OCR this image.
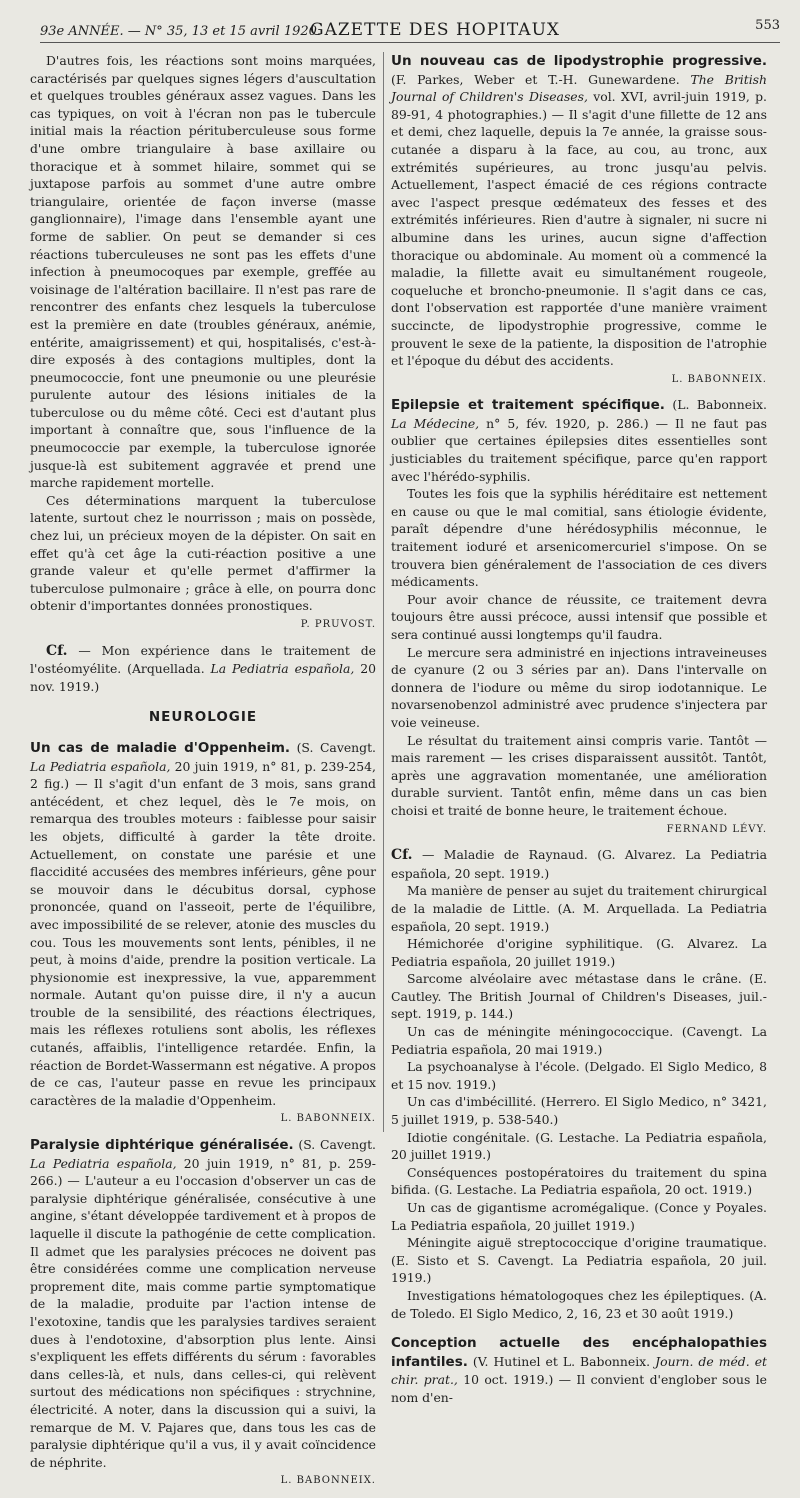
93e ANNÉE. — N° 35, 13 et 15 avril 1920.
GAZETTE DES HOPITAUX	553

D'autres fois, les réactions sont moins marquées, caractérisés par quelques signes légers d'auscultation et quelques troubles généraux assez vagues. Dans les cas typiques, on voit à l'écran non pas le tubercule initial mais la réaction pérituberculeuse sous forme d'une ombre triangulaire à base axillaire ou thoracique et à sommet hilaire, sommet qui se juxtapose parfois au sommet d'une autre ombre triangulaire, orientée de façon inverse (masse ganglionnaire), l'image dans l'ensemble ayant une forme de sablier. On peut se demander si ces réactions tuberculeuses ne sont pas les effets d'une infection à pneumocoques par exemple, greffée au voisinage de l'altération bacillaire. Il n'est pas rare de rencontrer des enfants chez lesquels la tuberculose est la première en date (troubles généraux, anémie, entérite, amaigrissement) et qui, hospitalisés, c'est-à-dire exposés à des contagions multiples, dont la pneumococcie, font une pneumonie ou une pleurésie purulente autour des lésions initiales de la tuberculose ou du même côté. Ceci est d'autant plus important à connaître que, sous l'influence de la pneumococcie par exemple, la tuberculose ignorée jusque-là est subitement aggravée et prend une marche rapidement mortelle.

Ces déterminations marquent la tuberculose latente, surtout chez le nourrisson ; mais on possède, chez lui, un précieux moyen de la dépister. On sait en effet qu'à cet âge la cuti-réaction positive a une grande valeur et qu'elle permet d'affirmer la tuberculose pulmonaire ; grâce à elle, on pourra donc obtenir d'importantes données pronostiques.

P. PRUVOST.

Cf. — Mon expérience dans le traitement de l'ostéomyélite. (Arquellada. La Pediatria española, 20 nov. 1919.)

NEUROLOGIE

Un cas de maladie d'Oppenheim. (S. Cavengt. La Pediatria española, 20 juin 1919, n° 81, p. 239-254, 2 fig.) — Il s'agit d'un enfant de 3 mois, sans grand antécédent, et chez lequel, dès le 7e mois, on remarqua des troubles moteurs : faiblesse pour saisir les objets, difficulté à garder la tête droite. Actuellement, on constate une parésie et une flaccidité accusées des membres inférieurs, gêne pour se mouvoir dans le décubitus dorsal, cyphose prononcée, quand on l'asseoit, perte de l'équilibre, avec impossibilité de se relever, atonie des muscles du cou. Tous les mouvements sont lents, pénibles, il ne peut, à moins d'aide, prendre la position verticale. La physionomie est inexpressive, la vue, apparemment normale. Autant qu'on puisse dire, il n'y a aucun trouble de la sensibilité, des réactions électriques, mais les réflexes rotuliens sont abolis, les réflexes cutanés, affaiblis, l'intelligence retardée. Enfin, la réaction de Bordet-Wassermann est négative. A propos de ce cas, l'auteur passe en revue les principaux caractères de la maladie d'Oppenheim.

L. BABONNEIX.

Paralysie diphtérique généralisée. (S. Cavengt. La Pediatria española, 20 juin 1919, n° 81, p. 259-266.) — L'auteur a eu l'occasion d'observer un cas de paralysie diphtérique généralisée, consécutive à une angine, s'étant développée tardivement et à propos de laquelle il discute la pathogénie de cette complication. Il admet que les paralysies précoces ne doivent pas être considérées comme une complication nerveuse proprement dite, mais comme partie symptomatique de la maladie, produite par l'action intense de l'exotoxine, tandis que les paralysies tardives seraient dues à l'endotoxine, d'absorption plus lente. Ainsi s'expliquent les effets différents du sérum : favorables dans celles-là, et nuls, dans celles-ci, qui relèvent surtout des médications non spécifiques : strychnine, électricité. A noter, dans la discussion qui a suivi, la remarque de M. V. Pajares que, dans tous les cas de paralysie diphtérique qu'il a vus, il y avait coïncidence de néphrite.

L. BABONNEIX.

Un nouveau cas de lipodystrophie progressive. (F. Parkes, Weber et T.-H. Gunewardene. The British Journal of Children's Diseases, vol. XVI, avril-juin 1919, p. 89-91, 4 photographies.) — Il s'agit d'une fillette de 12 ans et demi, chez laquelle, depuis la 7e année, la graisse sous-cutanée a disparu à la face, au cou, au tronc, aux extrémités supérieures, au tronc jusqu'au pelvis. Actuellement, l'aspect émacié de ces régions contracte avec l'aspect presque œdémateux des fesses et des extrémités inférieures. Rien d'autre à signaler, ni sucre ni albumine dans les urines, aucun signe d'affection thoracique ou abdominale. Au moment où a commencé la maladie, la fillette avait eu simultanément rougeole, coqueluche et broncho-pneumonie. Il s'agit dans ce cas, dont l'observation est rapportée d'une manière vraiment succincte, de lipodystrophie progressive, comme le prouvent le sexe de la patiente, la disposition de l'atrophie et l'époque du début des accidents.

L. BABONNEIX.

Epilepsie et traitement spécifique. (L. Babonneix. La Médecine, n° 5, fév. 1920, p. 286.) — Il ne faut pas oublier que certaines épilepsies dites essentielles sont justiciables du traitement spécifique, parce qu'en rapport avec l'hérédo-syphilis.

Toutes les fois que la syphilis héréditaire est nettement en cause ou que le mal comitial, sans étiologie évidente, paraît dépendre d'une hérédosyphilis méconnue, le traitement ioduré et arsenicomercuriel s'impose. On se trouvera bien généralement de l'association de ces divers médicaments.

Pour avoir chance de réussite, ce traitement devra toujours être aussi précoce, aussi intensif que possible et sera continué aussi longtemps qu'il faudra.

Le mercure sera administré en injections intraveineuses de cyanure (2 ou 3 séries par an). Dans l'intervalle on donnera de l'iodure ou même du sirop iodotannique. Le novarsenobenzol administré avec prudence s'injectera par voie veineuse.

Le résultat du traitement ainsi compris varie. Tantôt — mais rarement — les crises disparaissent aussitôt. Tantôt, après une aggravation momentanée, une amélioration durable survient. Tantôt enfin, même dans un cas bien choisi et traité de bonne heure, le traitement échoue.

FERNAND LÉVY.

Cf. — Maladie de Raynaud. (G. Alvarez. La Pediatria española, 20 sept. 1919.)

Ma manière de penser au sujet du traitement chirurgical de la maladie de Little. (A. M. Arquellada. La Pediatria española, 20 sept. 1919.)

Hémichorée d'origine syphilitique. (G. Alvarez. La Pediatria española, 20 juillet 1919.)

Sarcome alvéolaire avec métastase dans le crâne. (E. Cautley. The British Journal of Children's Diseases, juil.-sept. 1919, p. 144.)

Un cas de méningite méningococcique. (Cavengt. La Pediatria española, 20 mai 1919.)

La psychoanalyse à l'école. (Delgado. El Siglo Medico, 8 et 15 nov. 1919.)

Un cas d'imbécillité. (Herrero. El Siglo Medico, n° 3421, 5 juillet 1919, p. 538-540.)

Idiotie congénitale. (G. Lestache. La Pediatria española, 20 juillet 1919.)

Conséquences postopératoires du traitement du spina bifida. (G. Lestache. La Pediatria española, 20 oct. 1919.)

Un cas de gigantisme acromégalique. (Conce y Poyales. La Pediatria española, 20 juillet 1919.)

Méningite aiguë streptococcique d'origine traumatique. (E. Sisto et S. Cavengt. La Pediatria española, 20 juil. 1919.)

Investigations hématologoques chez les épileptiques. (A. de Toledo. El Siglo Medico, 2, 16, 23 et 30 août 1919.)

Conception actuelle des encéphalopathies infantiles. (V. Hutinel et L. Babonneix. Journ. de méd. et chir. prat., 10 oct. 1919.) — Il convient d'englober sous le nom d'en-
